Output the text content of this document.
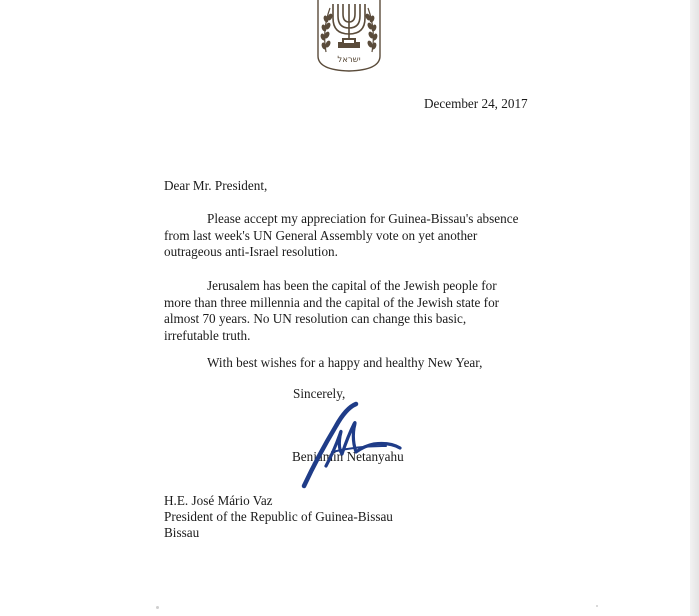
ישראל
December 24, 2017
Dear Mr. President,
Please accept my appreciation for Guinea-Bissau's absence
from last week's UN General Assembly vote on yet another
outrageous anti-Israel resolution.
Jerusalem has been the capital of the Jewish people for
more than three millennia and the capital of the Jewish state for
almost 70 years. No UN resolution can change this basic,
irrefutable truth.
With best wishes for a happy and healthy New Year,
Sincerely,
Benjamin Netanyahu
H.E. José Mário Vaz
President of the Republic of Guinea-Bissau
Bissau
